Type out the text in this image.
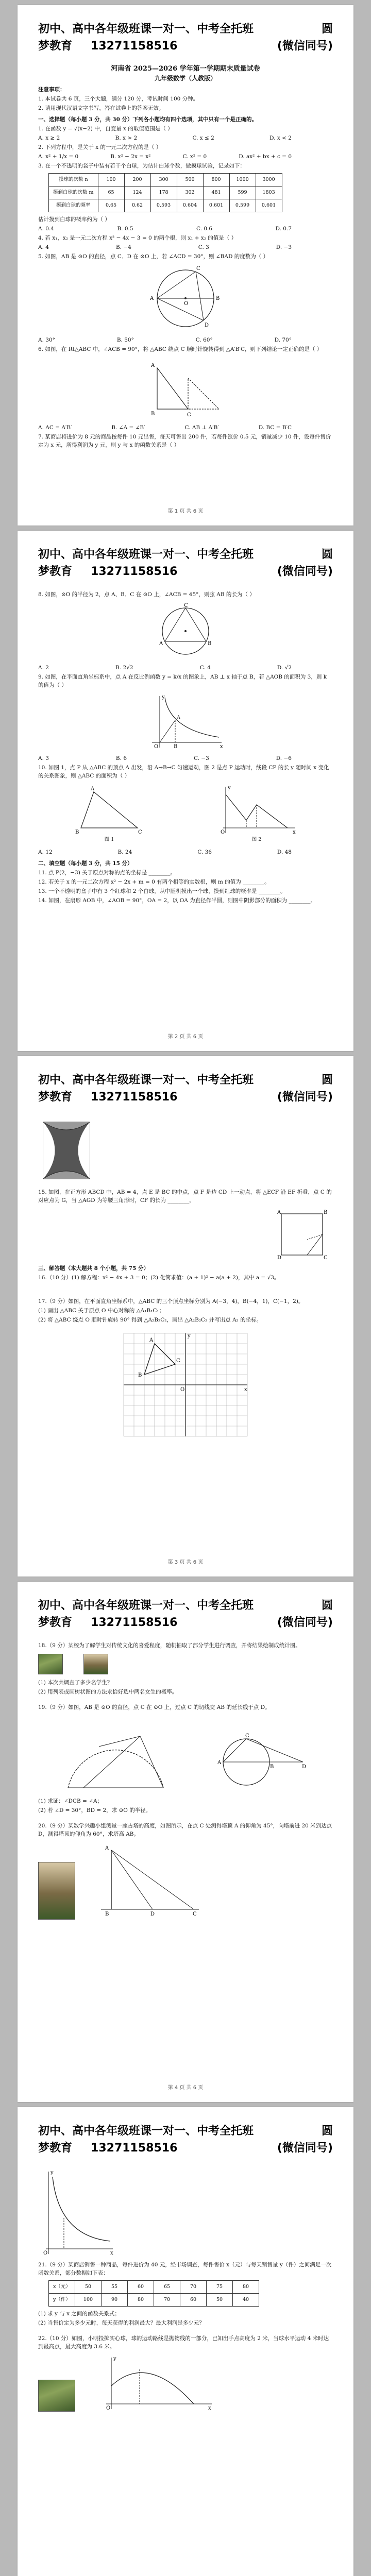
初中、高中各年级班课一对一、中考全托班	圆
梦教育 13271158516	(微信同号)

河南省 2025—2026 学年第一学期期末质量试卷

九年级数学（人教版）

注意事项：

1. 本试卷共 6 页，三个大题，满分 120 分，考试时间 100 分钟。

2. 请用现代汉语文字书写，答在试卷上的答案无效。

一、选择题（每小题 3 分，共 30 分）下列各小题均有四个选项，其中只有一个是正确的。

1. 在函数 y = √(x−2) 中，自变量 x 的取值范围是（ ）

A. x ≥ 2	B. x > 2	C. x ≤ 2	D. x < 2

2. 下列方程中，是关于 x 的一元二次方程的是（ ）

A. x² + 1/x = 0	B. x² − 2x = x²	C. x² = 0	D. ax² + bx + c = 0

3. 在一个不透明的袋子中装有若干个白球，为估计白球个数，做摸球试验，记录如下：

摸球的次数 n	100	200	300	500	800	1000	3000
摸到白球的次数 m	65	124	178	302	481	599	1803
摸到白球的频率	0.65	0.62	0.593	0.604	0.601	0.599	0.601

估计摸到白球的概率约为（ ）

A. 0.4	B. 0.5	C. 0.6	D. 0.7

4. 若 x₁，x₂ 是一元二次方程 x² − 4x − 3 = 0 的两个根，则 x₁ + x₂ 的值是（ ）

A. 4	B. −4	C. 3	D. −3

5. 如图，AB 是 ⊙O 的直径，点 C、D 在 ⊙O 上，若 ∠ACD = 30°，则 ∠BAD 的度数为（ ）

A	B
C
D
O
A. 30°	B. 50°	C. 60°	D. 70°

6. 如图，在 Rt△ABC 中，∠ACB = 90°，将 △ABC 绕点 C 顺时针旋转得到 △A′B′C，则下列结论一定正确的是（ ）

A
B	C
A. AC = A′B′	B. ∠A = ∠B′	C. AB ⊥ A′B′	D. BC = B′C

7. 某商店将进价为 8 元的商品按每件 10 元出售，每天可售出 200 件，若每件涨价 0.5 元，销量减少 10 件，设每件售价定为 x 元，所得利润为 y 元，则 y 与 x 的函数关系是（ ）

第 1 页 共 6 页
初中、高中各年级班课一对一、中考全托班	圆
梦教育 13271158516	(微信同号)

8. 如图，⊙O 的半径为 2，点 A、B、C 在 ⊙O 上，∠ACB = 45°，则弦 AB 的长为（ ）

A	B
C
A. 2	B. 2√2	C. 4	D. √2

9. 如图，在平面直角坐标系中，点 A 在反比例函数 y = k/x 的图象上，AB ⊥ x 轴于点 B，若 △AOB 的面积为 3，则 k 的值为（ ）

x
y
A
B
O
A. 3	B. 6	C. −3	D. −6

10. 如图 1，点 P 从 △ABC 的顶点 A 出发，沿 A→B→C 匀速运动，图 2 是点 P 运动时，线段 CP 的长 y 随时间 x 变化的关系图象，则 △ABC 的面积为（ ）

A
B	C
图 1
x
y
O
图 2
A. 12	B. 24	C. 36	D. 48

二、填空题（每小题 3 分，共 15 分）

11. 点 P(2，−3) 关于原点对称的点的坐标是 ________。

12. 若关于 x 的一元二次方程 x² − 2x + m = 0 有两个相等的实数根，则 m 的值为 ________。

13. 一个不透明的盒子中有 3 个红球和 2 个白球，从中随机摸出一个球，摸到红球的概率是 ________。

14. 如图，在扇形 AOB 中，∠AOB = 90°，OA = 2，以 OA 为直径作半圆，则图中阴影部分的面积为 ________。

第 2 页 共 6 页
初中、高中各年级班课一对一、中考全托班	圆
梦教育 13271158516	(微信同号)

15. 如图，在正方形 ABCD 中，AB = 4，点 E 是 BC 的中点，点 F 是边 CD 上一动点，将 △ECF 沿 EF 折叠，点 C 的对应点为 G，当 △AGD 为等腰三角形时，CF 的长为 ________。

A
D
B
C

三、解答题（本大题共 8 个小题，共 75 分）

16.（10 分）(1) 解方程：x² − 4x + 3 = 0；(2) 化简求值：(a + 1)² − a(a + 2)，其中 a = √3。

17.（9 分）如图，在平面直角坐标系中，△ABC 的三个顶点坐标分别为 A(−3，4)，B(−4，1)，C(−1，2)。

(1) 画出 △ABC 关于原点 O 中心对称的 △A₁B₁C₁；

(2) 将 △ABC 绕点 O 顺时针旋转 90° 得到 △A₂B₂C₂，画出 △A₂B₂C₂ 并写出点 A₂ 的坐标。

A
B
C
O	x
y
第 3 页 共 6 页
初中、高中各年级班课一对一、中考全托班	圆
梦教育 13271158516	(微信同号)

18.（9 分）某校为了解学生对传统文化的喜爱程度，随机抽取了部分学生进行调查，并将结果绘制成统计图。

(1) 本次共调查了多少名学生？

(2) 用列表或画树状图的方法求恰好选中两名女生的概率。

19.（9 分）如图，AB 是 ⊙O 的直径，点 C 在 ⊙O 上，过点 C 的切线交 AB 的延长线于点 D。

A
B
C
D

(1) 求证：∠DCB = ∠A；

(2) 若 ∠D = 30°，BD = 2，求 ⊙O 的半径。

20.（9 分）某数学兴趣小组测量一座古塔的高度，如图所示，在点 C 处测得塔顶 A 的仰角为 45°，向塔前进 20 米到达点 D，测得塔顶的仰角为 60°，求塔高 AB。

A
B	C
D
第 4 页 共 6 页
初中、高中各年级班课一对一、中考全托班	圆
梦教育 13271158516	(微信同号)
x
y
O

21.（9 分）某商店销售一种商品，每件进价为 40 元，经市场调查，每件售价 x（元）与每天销售量 y（件）之间满足一次函数关系，部分数据如下表：

x（元）	50	55	60	65	70	75	80
y（件）	100	90	80	70	60	50	40

(1) 求 y 与 x 之间的函数关系式；

(2) 当售价定为多少元时，每天获得的利润最大？最大利润是多少元？

22.（10 分）如图，小明投掷实心球，球的运动路线是抛物线的一部分，已知出手点高度为 2 米，当球水平运动 4 米时达到最高点，最大高度为 3.6 米。

x
y
O
